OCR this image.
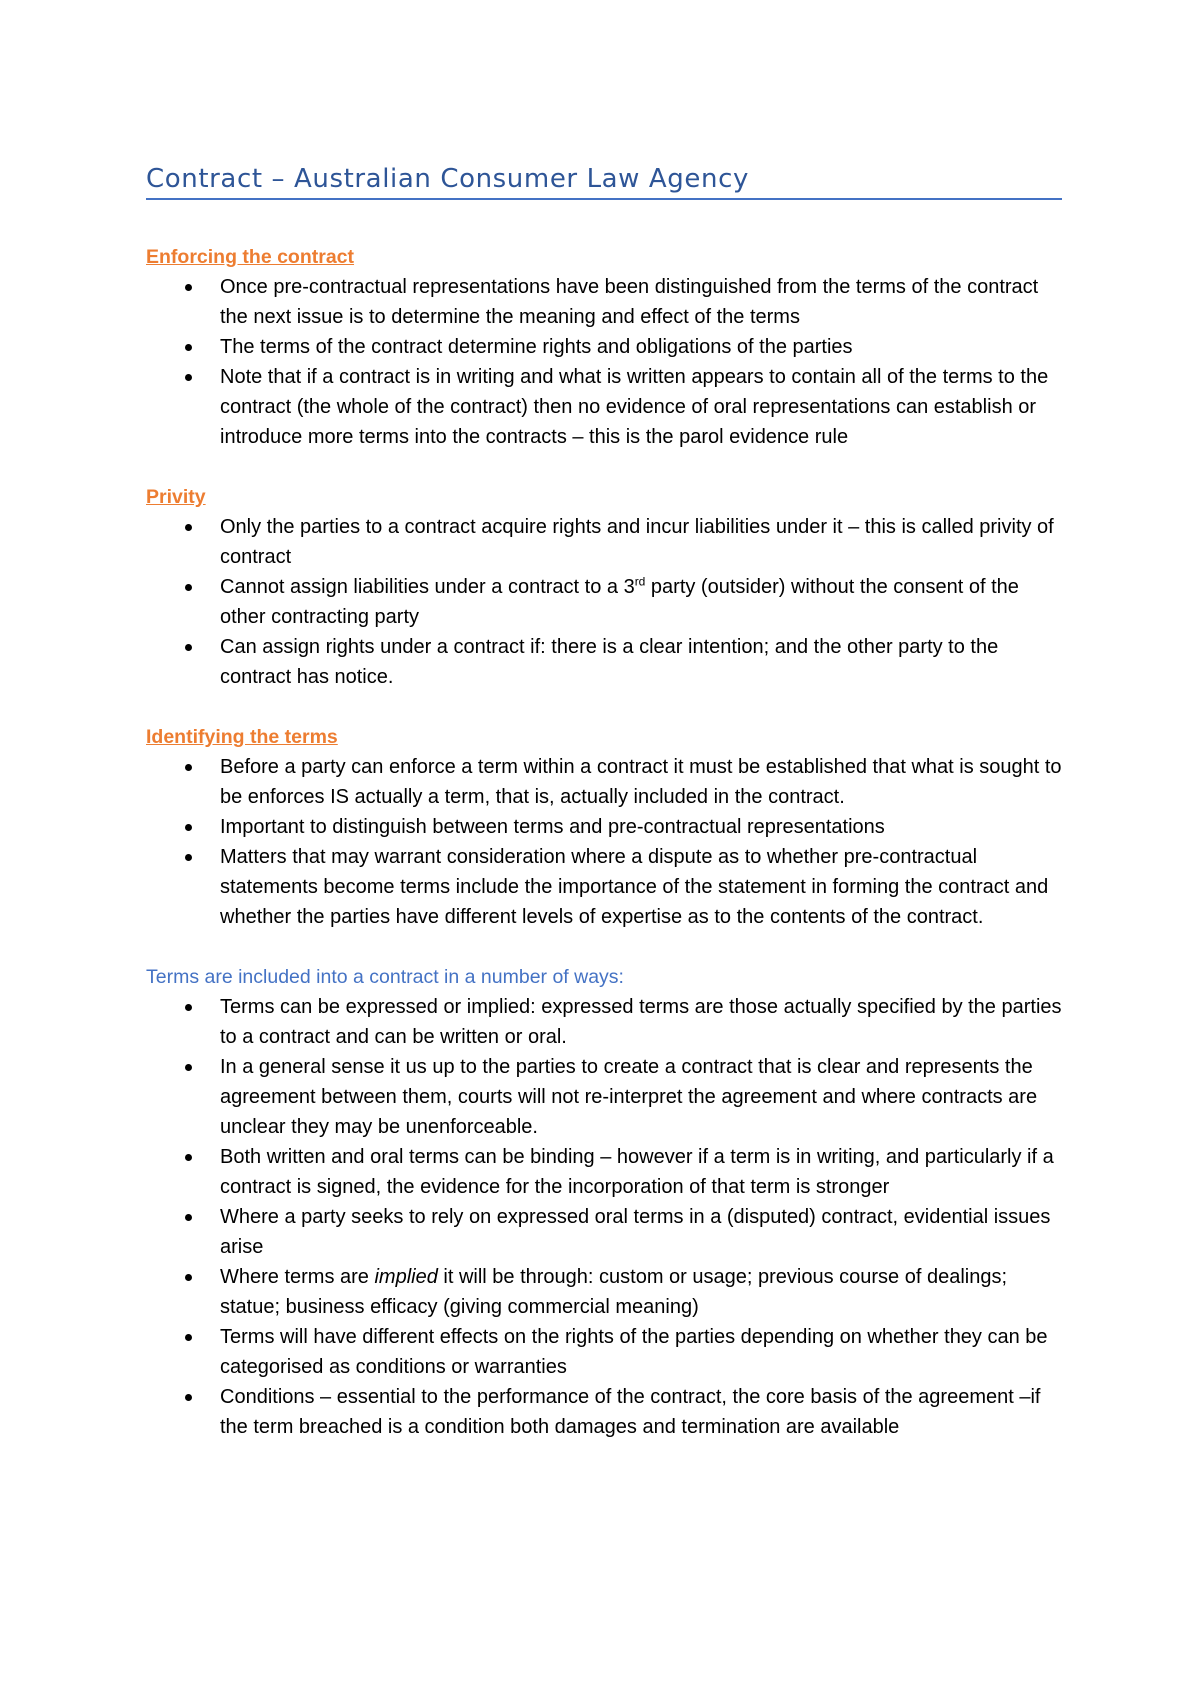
Contract – Australian Consumer Law Agency
Enforcing the contract
Once pre-contractual representations have been distinguished from the terms of the contract the next issue is to determine the meaning and effect of the terms
The terms of the contract determine rights and obligations of the parties
Note that if a contract is in writing and what is written appears to contain all of the terms to the contract (the whole of the contract) then no evidence of oral representations can establish or introduce more terms into the contracts – this is the parol evidence rule
Privity
Only the parties to a contract acquire rights and incur liabilities under it – this is called privity of contract
Cannot assign liabilities under a contract to a 3rd party (outsider) without the consent of the other contracting party
Can assign rights under a contract if: there is a clear intention; and the other party to the contract has notice.
Identifying the terms
Before a party can enforce a term within a contract it must be established that what is sought to be enforces IS actually a term, that is, actually included in the contract.
Important to distinguish between terms and pre-contractual representations
Matters that may warrant consideration where a dispute as to whether pre-contractual statements become terms include the importance of the statement in forming the contract and whether the parties have different levels of expertise as to the contents of the contract.
Terms are included into a contract in a number of ways:
Terms can be expressed or implied: expressed terms are those actually specified by the parties to a contract and can be written or oral.
In a general sense it us up to the parties to create a contract that is clear and represents the agreement between them, courts will not re-interpret the agreement and where contracts are unclear they may be unenforceable.
Both written and oral terms can be binding – however if a term is in writing, and particularly if a contract is signed, the evidence for the incorporation of that term is stronger
Where a party seeks to rely on expressed oral terms in a (disputed) contract, evidential issues arise
Where terms are implied it will be through: custom or usage; previous course of dealings; statue; business efficacy (giving commercial meaning)
Terms will have different effects on the rights of the parties depending on whether they can be categorised as conditions or warranties
Conditions – essential to the performance of the contract, the core basis of the agreement –if the term breached is a condition both damages and termination are available
